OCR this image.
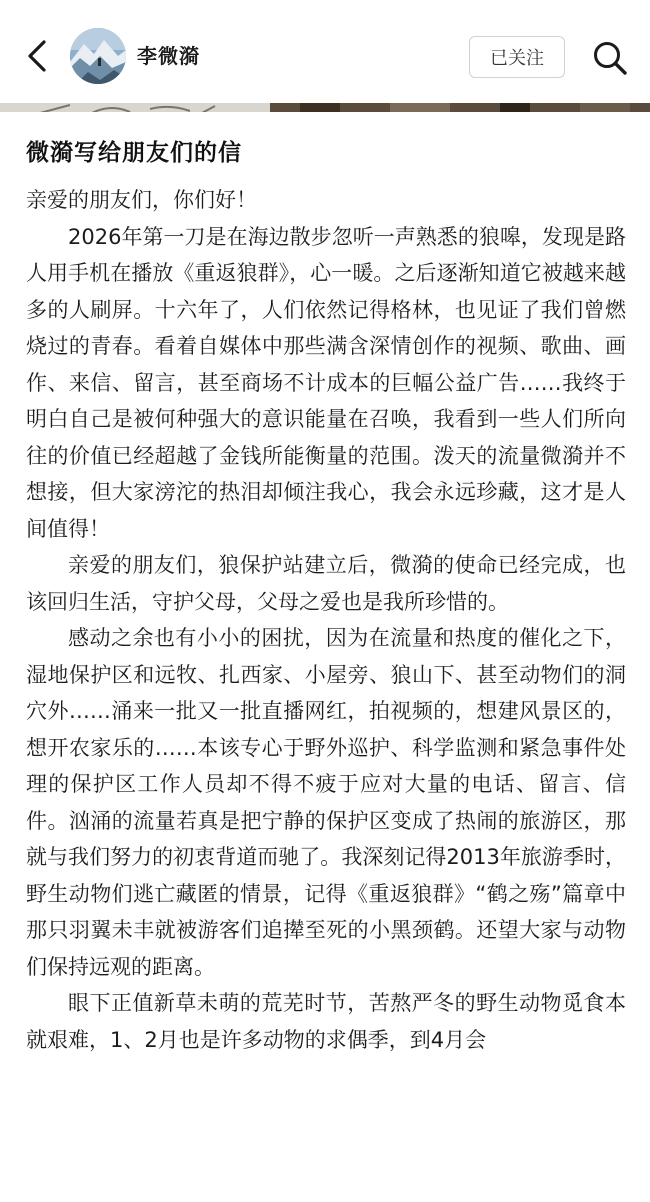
李微漪	已关注
微漪写给朋友们的信

亲爱的朋友们，你们好！

2026年第一刀是在海边散步忽听一声熟悉的狼嗥，发现是路人用手机在播放《重返狼群》，心一暖。之后逐渐知道它被越来越多的人刷屏。十六年了，人们依然记得格林，也见证了我们曾燃烧过的青春。看着自媒体中那些满含深情创作的视频、歌曲、画作、来信、留言，甚至商场不计成本的巨幅公益广告……我终于明白自己是被何种强大的意识能量在召唤，我看到一些人们所向往的价值已经超越了金钱所能衡量的范围。泼天的流量微漪并不想接，但大家滂沱的热泪却倾注我心，我会永远珍藏，这才是人间值得！

亲爱的朋友们，狼保护站建立后，微漪的使命已经完成，也该回归生活，守护父母，父母之爱也是我所珍惜的。

感动之余也有小小的困扰，因为在流量和热度的催化之下，湿地保护区和远牧、扎西家、小屋旁、狼山下、甚至动物们的洞穴外……涌来一批又一批直播网红，拍视频的，想建风景区的，想开农家乐的……本该专心于野外巡护、科学监测和紧急事件处理的保护区工作人员却不得不疲于应对大量的电话、留言、信件。汹涌的流量若真是把宁静的保护区变成了热闹的旅游区，那就与我们努力的初衷背道而驰了。我深刻记得2013年旅游季时，野生动物们逃亡藏匿的情景，记得《重返狼群》“鹤之殇”篇章中那只羽翼未丰就被游客们追撵至死的小黑颈鹤。还望大家与动物们保持远观的距离。

眼下正值新草未萌的荒芜时节，苦熬严冬的野生动物觅食本就艰难，1、2月也是许多动物的求偶季，到4月会
